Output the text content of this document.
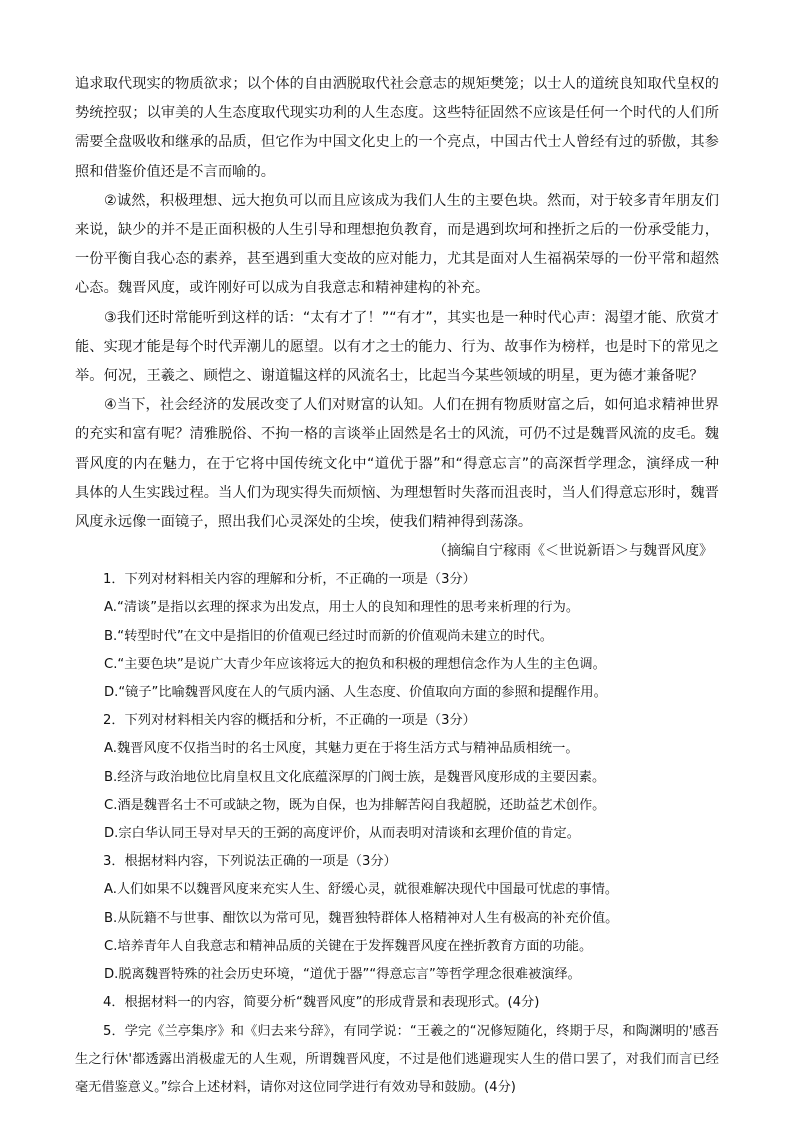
追求取代现实的物质欲求；以个体的自由洒脱取代社会意志的规矩樊笼；以士人的道统良知取代皇权的势统控驭；以审美的人生态度取代现实功利的人生态度。这些特征固然不应该是任何一个时代的人们所需要全盘吸收和继承的品质，但它作为中国文化史上的一个亮点，中国古代士人曾经有过的骄傲，其参照和借鉴价值还是不言而喻的。

②诚然，积极理想、远大抱负可以而且应该成为我们人生的主要色块。然而，对于较多青年朋友们来说，缺少的并不是正面积极的人生引导和理想抱负教育，而是遇到坎坷和挫折之后的一份承受能力，一份平衡自我心态的素养，甚至遇到重大变故的应对能力，尤其是面对人生福祸荣辱的一份平常和超然心态。魏晋风度，或许刚好可以成为自我意志和精神建构的补充。

③我们还时常能听到这样的话：“太有才了！”“有才”，其实也是一种时代心声：渴望才能、欣赏才能、实现才能是每个时代弄潮儿的愿望。以有才之士的能力、行为、故事作为榜样，也是时下的常见之举。何况，王羲之、顾恺之、谢道韫这样的风流名士，比起当今某些领域的明星，更为德才兼备呢？

④当下，社会经济的发展改变了人们对财富的认知。人们在拥有物质财富之后，如何追求精神世界的充实和富有呢？清雅脱俗、不拘一格的言谈举止固然是名士的风流，可仍不过是魏晋风流的皮毛。魏晋风度的内在魅力，在于它将中国传统文化中“道优于器”和“得意忘言”的高深哲学理念，演绎成一种具体的人生实践过程。当人们为现实得失而烦恼、为理想暂时失落而沮丧时，当人们得意忘形时，魏晋风度永远像一面镜子，照出我们心灵深处的尘埃，使我们精神得到荡涤。

（摘编自宁稼雨《＜世说新语＞与魏晋风度》

1．下列对材料相关内容的理解和分析，不正确的一项是（3分）

A.“清谈”是指以玄理的探求为出发点，用士人的良知和理性的思考来析理的行为。

B.“转型时代”在文中是指旧的价值观已经过时而新的价值观尚未建立的时代。

C.“主要色块”是说广大青少年应该将远大的抱负和积极的理想信念作为人生的主色调。

D.“镜子”比喻魏晋风度在人的气质内涵、人生态度、价值取向方面的参照和提醒作用。

2．下列对材料相关内容的概括和分析，不正确的一项是（3分）

A.魏晋风度不仅指当时的名士风度，其魅力更在于将生活方式与精神品质相统一。

B.经济与政治地位比肩皇权且文化底蕴深厚的门阀士族，是魏晋风度形成的主要因素。

C.酒是魏晋名士不可或缺之物，既为自保，也为排解苦闷自我超脱，还助益艺术创作。

D.宗白华认同王导对早天的王弼的高度评价，从而表明对清谈和玄理价值的肯定。

3．根据材料内容，下列说法正确的一项是（3分）

A.人们如果不以魏晋风度来充实人生、舒缓心灵，就很难解决现代中国最可忧虑的事情。

B.从阮籍不与世事、酣饮以为常可见，魏晋独特群体人格精神对人生有极高的补充价值。

C.培养青年人自我意志和精神品质的关键在于发挥魏晋风度在挫折教育方面的功能。

D.脱离魏晋特殊的社会历史环境，“道优于器”“得意忘言”等哲学理念很难被演绎。

4．根据材料一的内容，简要分析“魏晋风度”的形成背景和表现形式。(4分)

5．学完《兰亭集序》和《归去来兮辞》，有同学说：“王羲之的“况修短随化，终期于尽，和陶渊明的'感吾生之行休'都透露出消极虚无的人生观，所谓魏晋风度，不过是他们逃避现实人生的借口罢了，对我们而言已经毫无借鉴意义。”综合上述材料，请你对这位同学进行有效劝导和鼓励。(4分)
